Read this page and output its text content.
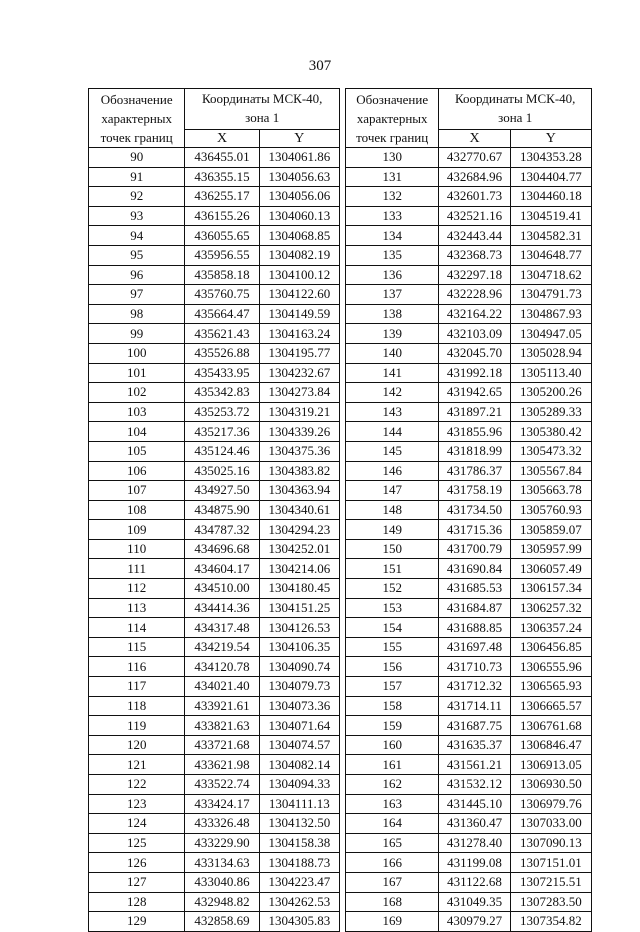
307
Обозначение
характерных
точек границ	Координаты МСК-40,
зона 1	
	X	Y
90	436455.01	1304061.86
91	436355.15	1304056.63
92	436255.17	1304056.06
93	436155.26	1304060.13
94	436055.65	1304068.85
95	435956.55	1304082.19
96	435858.18	1304100.12
97	435760.75	1304122.60
98	435664.47	1304149.59
99	435621.43	1304163.24
100	435526.88	1304195.77
101	435433.95	1304232.67
102	435342.83	1304273.84
103	435253.72	1304319.21
104	435217.36	1304339.26
105	435124.46	1304375.36
106	435025.16	1304383.82
107	434927.50	1304363.94
108	434875.90	1304340.61
109	434787.32	1304294.23
110	434696.68	1304252.01
111	434604.17	1304214.06
112	434510.00	1304180.45
113	434414.36	1304151.25
114	434317.48	1304126.53
115	434219.54	1304106.35
116	434120.78	1304090.74
117	434021.40	1304079.73
118	433921.61	1304073.36
119	433821.63	1304071.64
120	433721.68	1304074.57
121	433621.98	1304082.14
122	433522.74	1304094.33
123	433424.17	1304111.13
124	433326.48	1304132.50
125	433229.90	1304158.38
126	433134.63	1304188.73
127	433040.86	1304223.47
128	432948.82	1304262.53
129	432858.69	1304305.83
Обозначение
характерных
точек границ	Координаты МСК-40,
зона 1	
	X	Y
130	432770.67	1304353.28
131	432684.96	1304404.77
132	432601.73	1304460.18
133	432521.16	1304519.41
134	432443.44	1304582.31
135	432368.73	1304648.77
136	432297.18	1304718.62
137	432228.96	1304791.73
138	432164.22	1304867.93
139	432103.09	1304947.05
140	432045.70	1305028.94
141	431992.18	1305113.40
142	431942.65	1305200.26
143	431897.21	1305289.33
144	431855.96	1305380.42
145	431818.99	1305473.32
146	431786.37	1305567.84
147	431758.19	1305663.78
148	431734.50	1305760.93
149	431715.36	1305859.07
150	431700.79	1305957.99
151	431690.84	1306057.49
152	431685.53	1306157.34
153	431684.87	1306257.32
154	431688.85	1306357.24
155	431697.48	1306456.85
156	431710.73	1306555.96
157	431712.32	1306565.93
158	431714.11	1306665.57
159	431687.75	1306761.68
160	431635.37	1306846.47
161	431561.21	1306913.05
162	431532.12	1306930.50
163	431445.10	1306979.76
164	431360.47	1307033.00
165	431278.40	1307090.13
166	431199.08	1307151.01
167	431122.68	1307215.51
168	431049.35	1307283.50
169	430979.27	1307354.82
